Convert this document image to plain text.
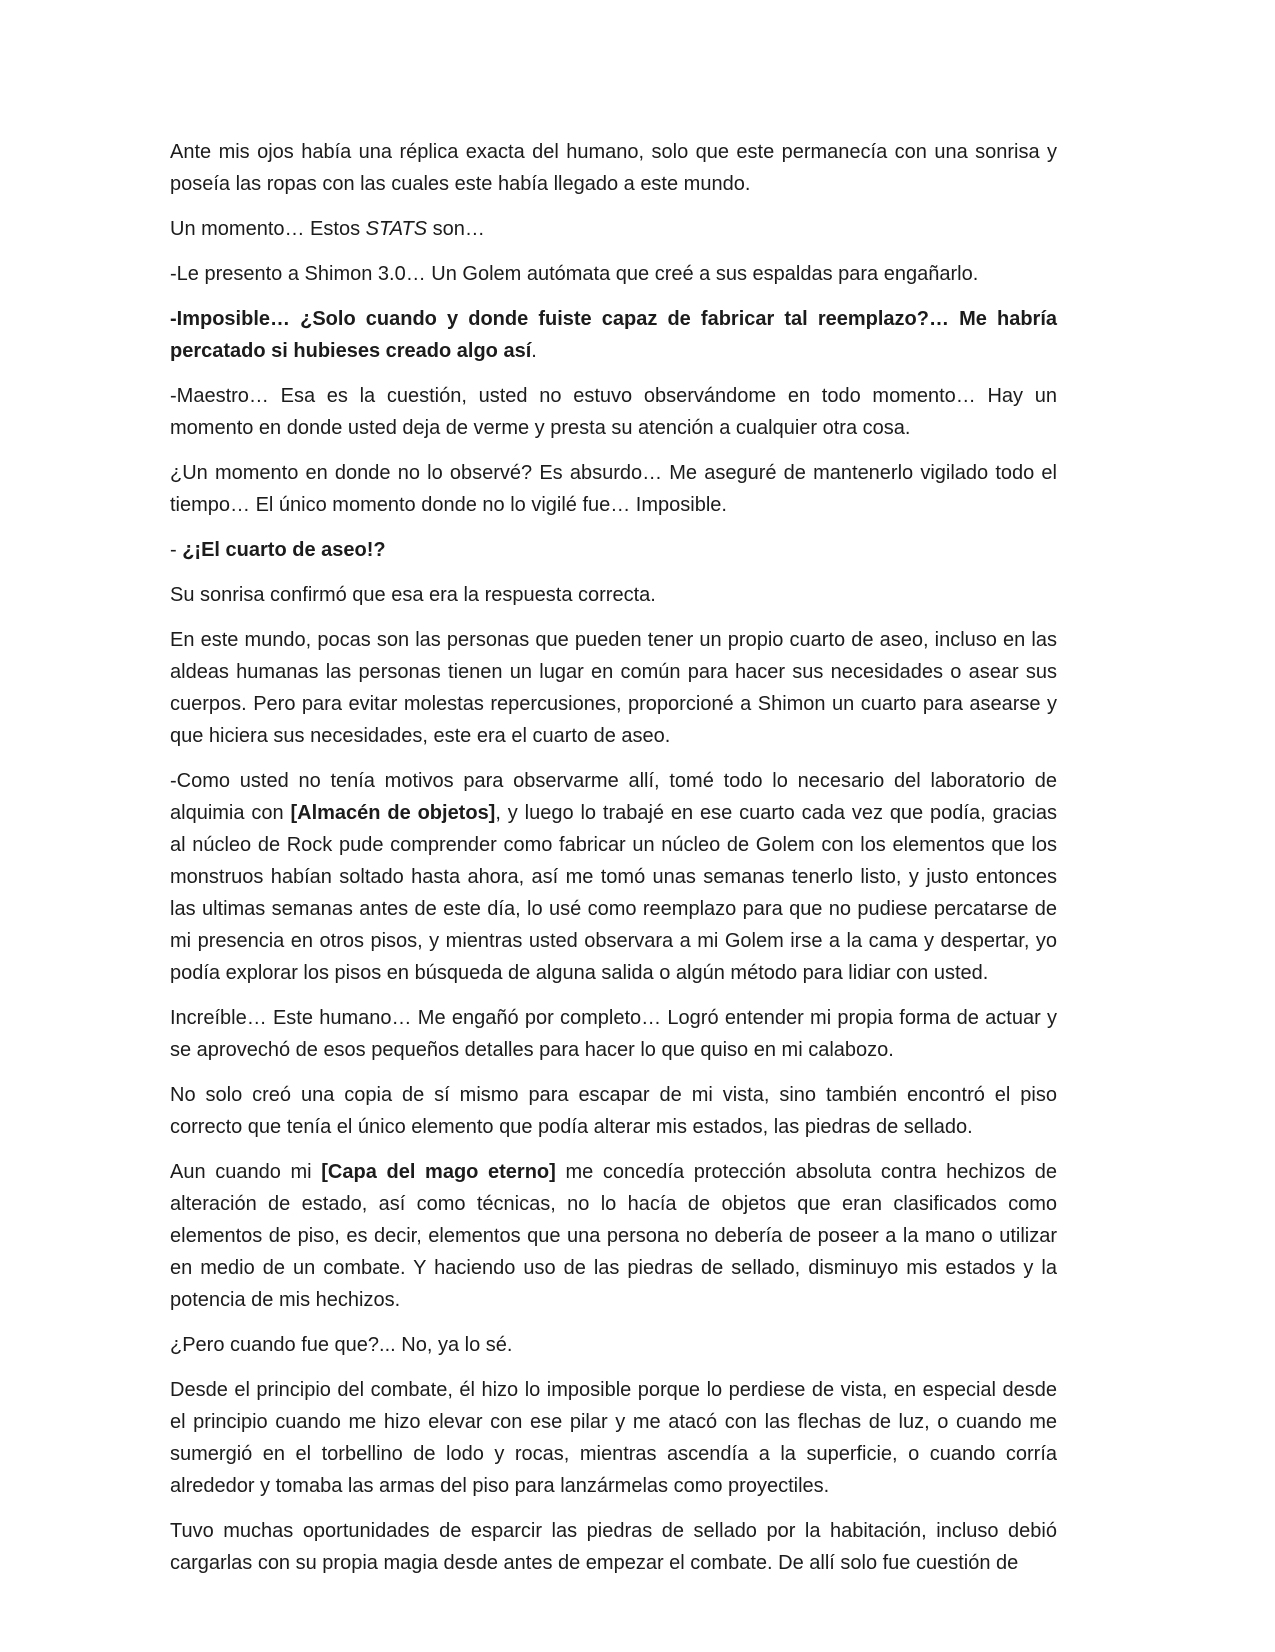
Ante mis ojos había una réplica exacta del humano, solo que este permanecía con una sonrisa y poseía las ropas con las cuales este había llegado a este mundo.

Un momento… Estos STATS son…

-Le presento a Shimon 3.0… Un Golem autómata que creé a sus espaldas para engañarlo.

-Imposible… ¿Solo cuando y donde fuiste capaz de fabricar tal reemplazo?… Me habría percatado si hubieses creado algo así.

-Maestro… Esa es la cuestión, usted no estuvo observándome en todo momento… Hay un momento en donde usted deja de verme y presta su atención a cualquier otra cosa.

¿Un momento en donde no lo observé? Es absurdo… Me aseguré de mantenerlo vigilado todo el tiempo… El único momento donde no lo vigilé fue… Imposible.

- ¿¡El cuarto de aseo!?

Su sonrisa confirmó que esa era la respuesta correcta.

En este mundo, pocas son las personas que pueden tener un propio cuarto de aseo, incluso en las aldeas humanas las personas tienen un lugar en común para hacer sus necesidades o asear sus cuerpos. Pero para evitar molestas repercusiones, proporcioné a Shimon un cuarto para asearse y que hiciera sus necesidades, este era el cuarto de aseo.

-Como usted no tenía motivos para observarme allí, tomé todo lo necesario del laboratorio de alquimia con [Almacén de objetos], y luego lo trabajé en ese cuarto cada vez que podía, gracias al núcleo de Rock pude comprender como fabricar un núcleo de Golem con los elementos que los monstruos habían soltado hasta ahora, así me tomó unas semanas tenerlo listo, y justo entonces las ultimas semanas antes de este día, lo usé como reemplazo para que no pudiese percatarse de mi presencia en otros pisos, y mientras usted observara a mi Golem irse a la cama y despertar, yo podía explorar los pisos en búsqueda de alguna salida o algún método para lidiar con usted.

Increíble… Este humano… Me engañó por completo… Logró entender mi propia forma de actuar y se aprovechó de esos pequeños detalles para hacer lo que quiso en mi calabozo.

No solo creó una copia de sí mismo para escapar de mi vista, sino también encontró el piso correcto que tenía el único elemento que podía alterar mis estados, las piedras de sellado.

Aun cuando mi [Capa del mago eterno] me concedía protección absoluta contra hechizos de alteración de estado, así como técnicas, no lo hacía de objetos que eran clasificados como elementos de piso, es decir, elementos que una persona no debería de poseer a la mano o utilizar en medio de un combate. Y haciendo uso de las piedras de sellado, disminuyo mis estados y la potencia de mis hechizos.

¿Pero cuando fue que?... No, ya lo sé.

Desde el principio del combate, él hizo lo imposible porque lo perdiese de vista, en especial desde el principio cuando me hizo elevar con ese pilar y me atacó con las flechas de luz, o cuando me sumergió en el torbellino de lodo y rocas, mientras ascendía a la superficie, o cuando corría alrededor y tomaba las armas del piso para lanzármelas como proyectiles.

Tuvo muchas oportunidades de esparcir las piedras de sellado por la habitación, incluso debió cargarlas con su propia magia desde antes de empezar el combate. De allí solo fue cuestión de
